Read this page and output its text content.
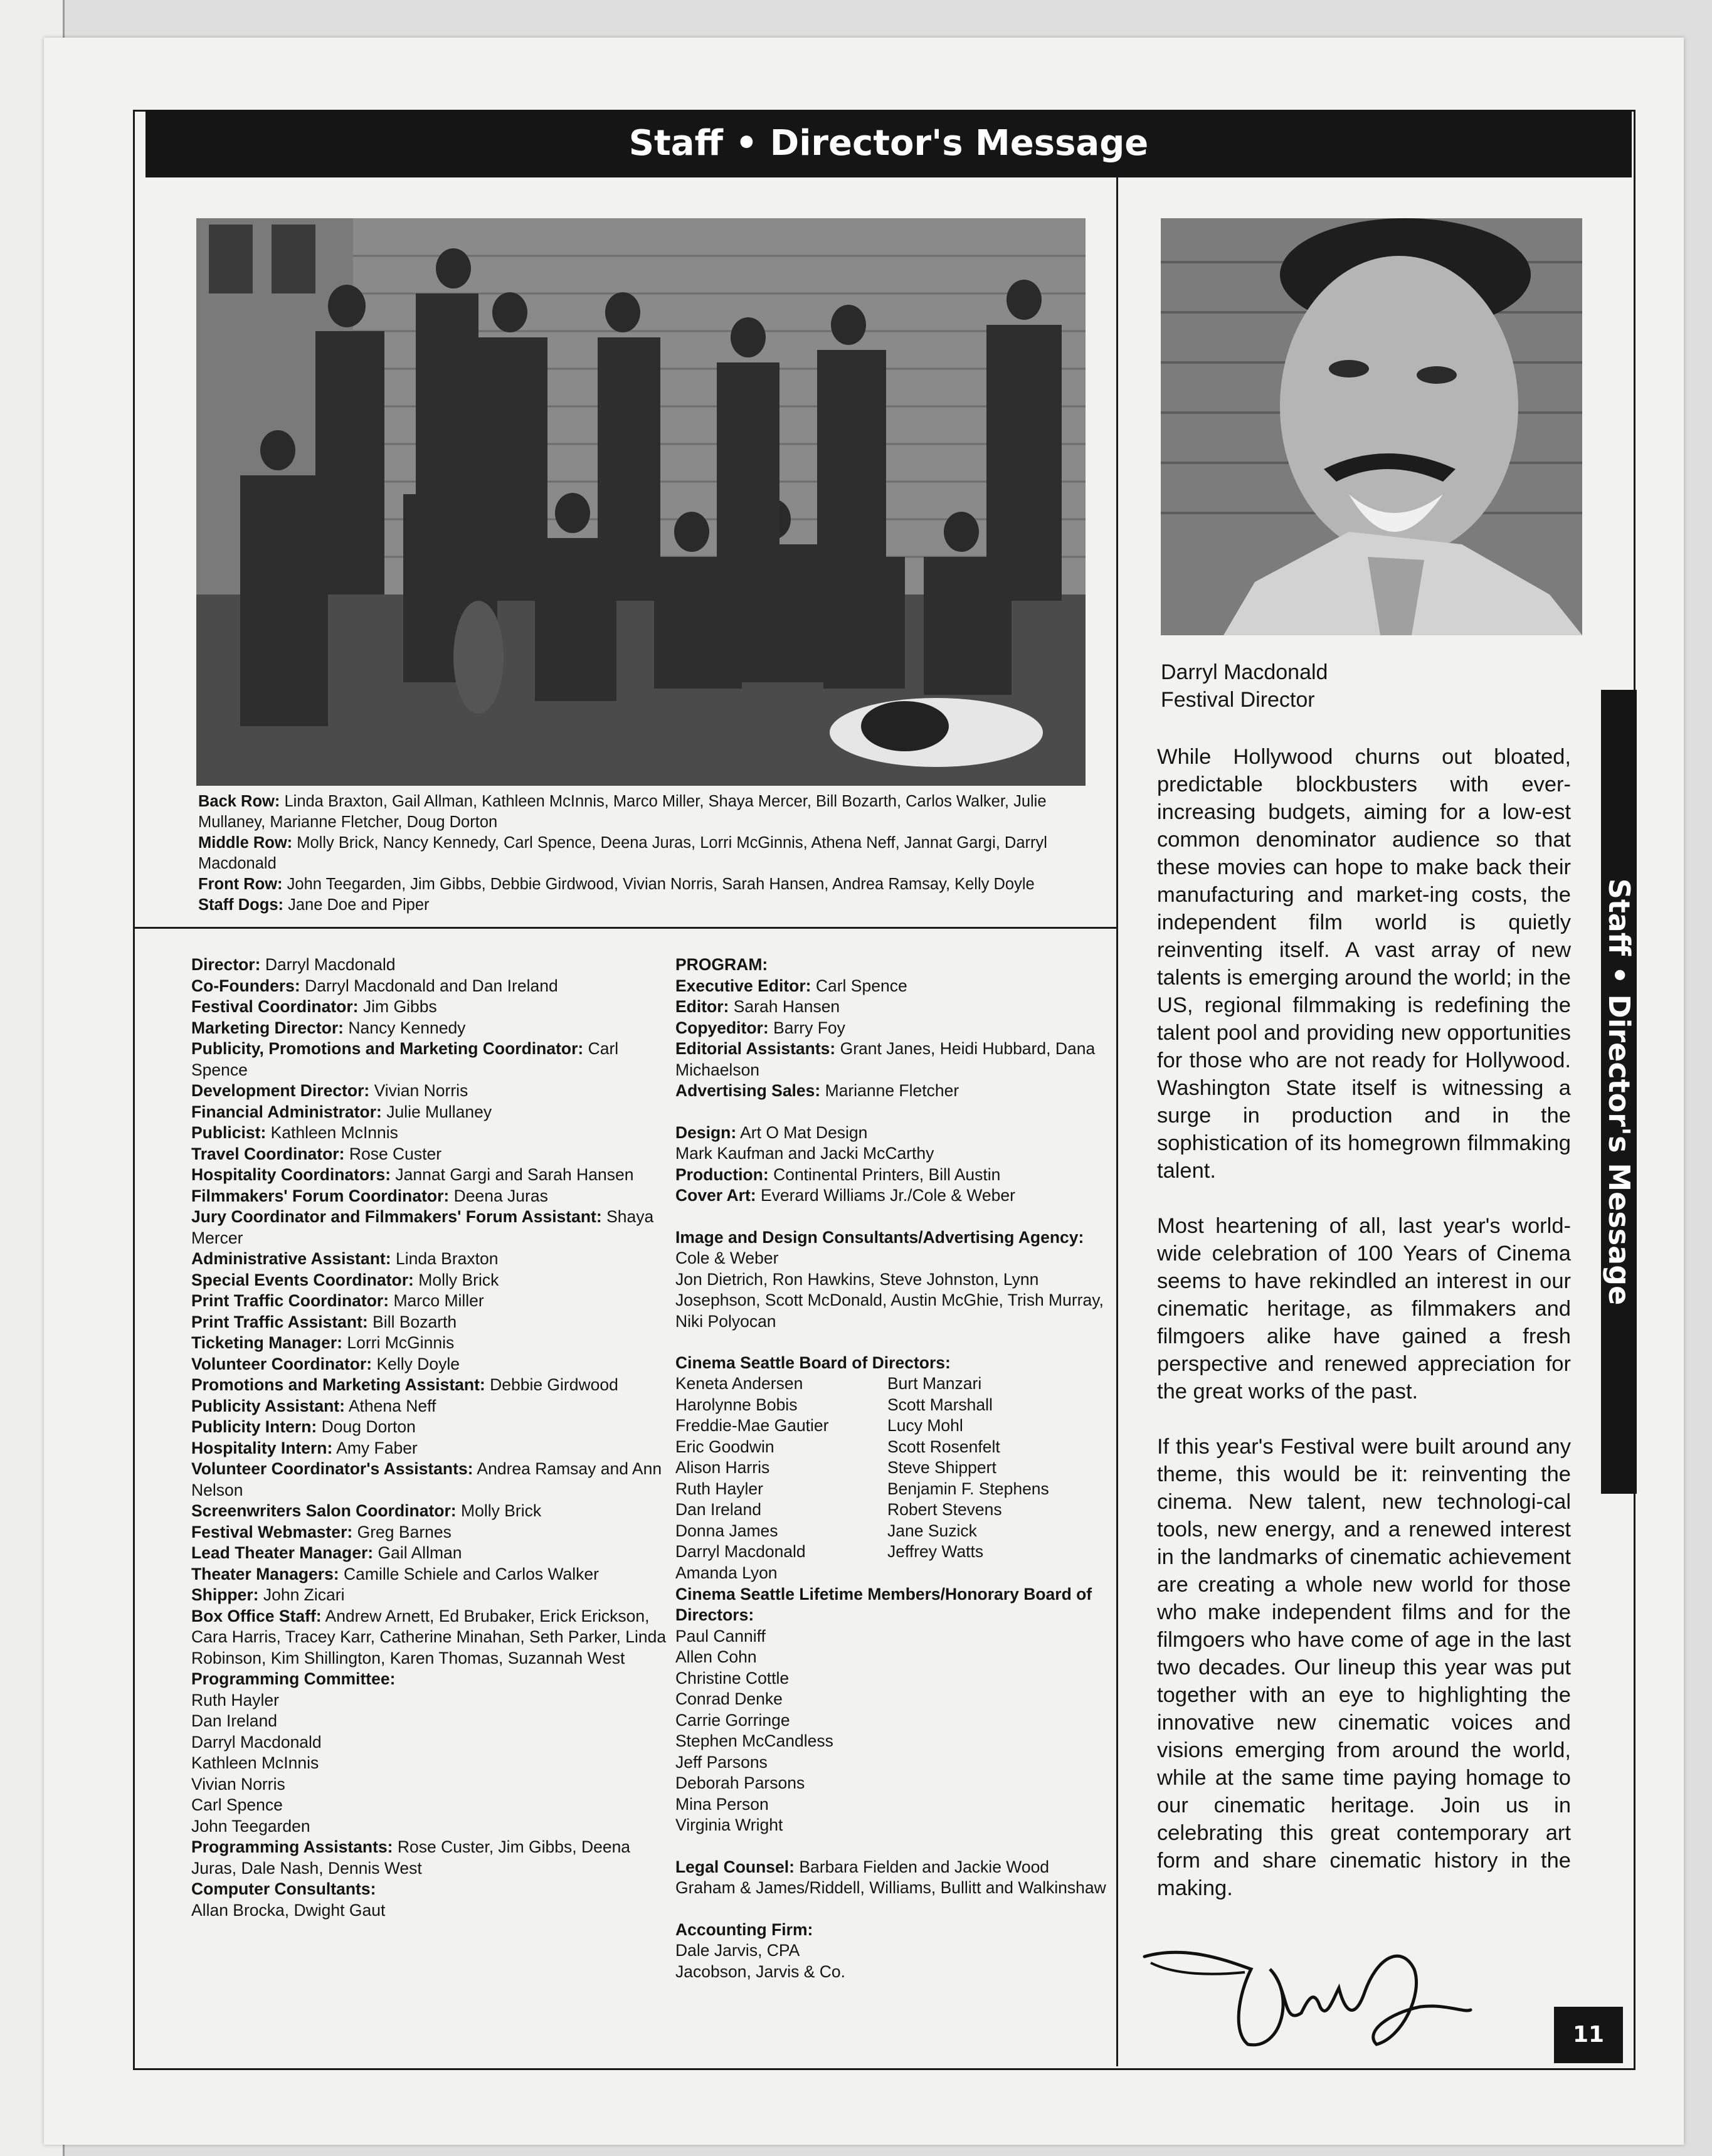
Staff • Director's Message

Back Row: Linda Braxton, Gail Allman, Kathleen McInnis, Marco Miller, Shaya Mercer, Bill Bozarth, Carlos Walker, Julie Mullaney, Marianne Fletcher, Doug Dorton

Middle Row: Molly Brick, Nancy Kennedy, Carl Spence, Deena Juras, Lorri McGinnis, Athena Neff, Jannat Gargi, Darryl Macdonald

Front Row: John Teegarden, Jim Gibbs, Debbie Girdwood, Vivian Norris, Sarah Hansen, Andrea Ramsay, Kelly Doyle

Staff Dogs: Jane Doe and Piper

Director: Darryl Macdonald

Co-Founders: Darryl Macdonald and Dan Ireland

Festival Coordinator: Jim Gibbs

Marketing Director: Nancy Kennedy

Publicity, Promotions and Marketing Coordinator: Carl Spence

Development Director: Vivian Norris

Financial Administrator: Julie Mullaney

Publicist: Kathleen McInnis

Travel Coordinator: Rose Custer

Hospitality Coordinators: Jannat Gargi and Sarah Hansen

Filmmakers' Forum Coordinator: Deena Juras

Jury Coordinator and Filmmakers' Forum Assistant: Shaya Mercer

Administrative Assistant: Linda Braxton

Special Events Coordinator: Molly Brick

Print Traffic Coordinator: Marco Miller

Print Traffic Assistant: Bill Bozarth

Ticketing Manager: Lorri McGinnis

Volunteer Coordinator: Kelly Doyle

Promotions and Marketing Assistant: Debbie Girdwood

Publicity Assistant: Athena Neff

Publicity Intern: Doug Dorton

Hospitality Intern: Amy Faber

Volunteer Coordinator's Assistants: Andrea Ramsay and Ann Nelson

Screenwriters Salon Coordinator: Molly Brick

Festival Webmaster: Greg Barnes

Lead Theater Manager: Gail Allman

Theater Managers: Camille Schiele and Carlos Walker

Shipper: John Zicari

Box Office Staff: Andrew Arnett, Ed Brubaker, Erick Erickson, Cara Harris, Tracey Karr, Catherine Minahan, Seth Parker, Linda Robinson, Kim Shillington, Karen Thomas, Suzannah West

Programming Committee:

Ruth Hayler

Dan Ireland

Darryl Macdonald

Kathleen McInnis

Vivian Norris

Carl Spence

John Teegarden

Programming Assistants: Rose Custer, Jim Gibbs, Deena Juras, Dale Nash, Dennis West

Computer Consultants:

Allan Brocka, Dwight Gaut

PROGRAM:

Executive Editor: Carl Spence

Editor: Sarah Hansen

Copyeditor: Barry Foy

Editorial Assistants: Grant Janes, Heidi Hubbard, Dana Michaelson

Advertising Sales: Marianne Fletcher

Design: Art O Mat Design

Mark Kaufman and Jacki McCarthy

Production: Continental Printers, Bill Austin

Cover Art: Everard Williams Jr./Cole & Weber

Image and Design Consultants/Advertising Agency: Cole & Weber

Jon Dietrich, Ron Hawkins, Steve Johnston, Lynn Josephson, Scott McDonald, Austin McGhie, Trish Murray, Niki Polyocan

Cinema Seattle Board of Directors:

Cinema Seattle Lifetime Members/Honorary Board of Directors:

Paul Canniff

Allen Cohn

Christine Cottle

Conrad Denke

Carrie Gorringe

Stephen McCandless

Jeff Parsons

Deborah Parsons

Mina Person

Virginia Wright

Legal Counsel: Barbara Fielden and Jackie Wood

Graham & James/Riddell, Williams, Bullitt and Walkinshaw

Accounting Firm:

Dale Jarvis, CPA

Jacobson, Jarvis & Co.

Keneta Andersen

Harolynne Bobis

Freddie-Mae Gautier

Eric Goodwin

Alison Harris

Ruth Hayler

Dan Ireland

Donna James

Darryl Macdonald

Amanda Lyon

Burt Manzari

Scott Marshall

Lucy Mohl

Scott Rosenfelt

Steve Shippert

Benjamin F. Stephens

Robert Stevens

Jane Suzick

Jeffrey Watts

Darryl Macdonald
Festival Director

While Hollywood churns out bloated, predictable blockbusters with ever-increasing budgets, aiming for a low-est common denominator audience so that these movies can hope to make back their manufacturing and market-ing costs, the independent film world is quietly reinventing itself. A vast array of new talents is emerging around the world; in the US, regional filmmaking is redefining the talent pool and providing new opportunities for those who are not ready for Hollywood. Washington State itself is witnessing a surge in production and in the sophistication of its homegrown filmmaking talent.

Most heartening of all, last year's world-wide celebration of 100 Years of Cinema seems to have rekindled an interest in our cinematic heritage, as filmmakers and filmgoers alike have gained a fresh perspective and renewed appreciation for the great works of the past.

If this year's Festival were built around any theme, this would be it: reinventing the cinema. New talent, new technologi-cal tools, new energy, and a renewed interest in the landmarks of cinematic achievement are creating a whole new world for those who make independent films and for the filmgoers who have come of age in the last two decades. Our lineup this year was put together with an eye to highlighting the innovative new cinematic voices and visions emerging from around the world, while at the same time paying homage to our cinematic heritage. Join us in celebrating this great contemporary art form and share cinematic history in the making.

Staff • Director's Message
11
